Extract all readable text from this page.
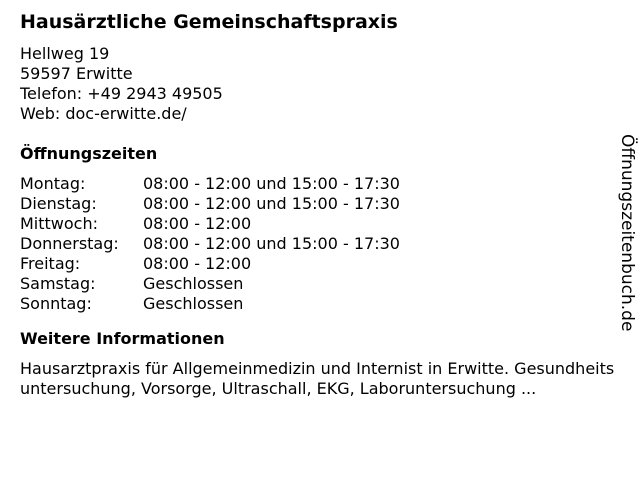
Hausärztliche Gemeinschaftspraxis
Hellweg 19
59597 Erwitte
Telefon: +49 2943 49505
Web: doc-erwitte.de/
Öffnungszeiten
Montag:	08:00 - 12:00 und 15:00 - 17:30
Dienstag:	08:00 - 12:00 und 15:00 - 17:30
Mittwoch:	08:00 - 12:00
Donnerstag:	08:00 - 12:00 und 15:00 - 17:30
Freitag:	08:00 - 12:00
Samstag:	Geschlossen
Sonntag:	Geschlossen
Weitere Informationen
Hausarztpraxis für Allgemeinmedizin und Internist in Erwitte. Gesundheitsuntersuchung, Vorsorge, Ultraschall, EKG, Laboruntersuchung ...
Öffnungszeitenbuch.de
